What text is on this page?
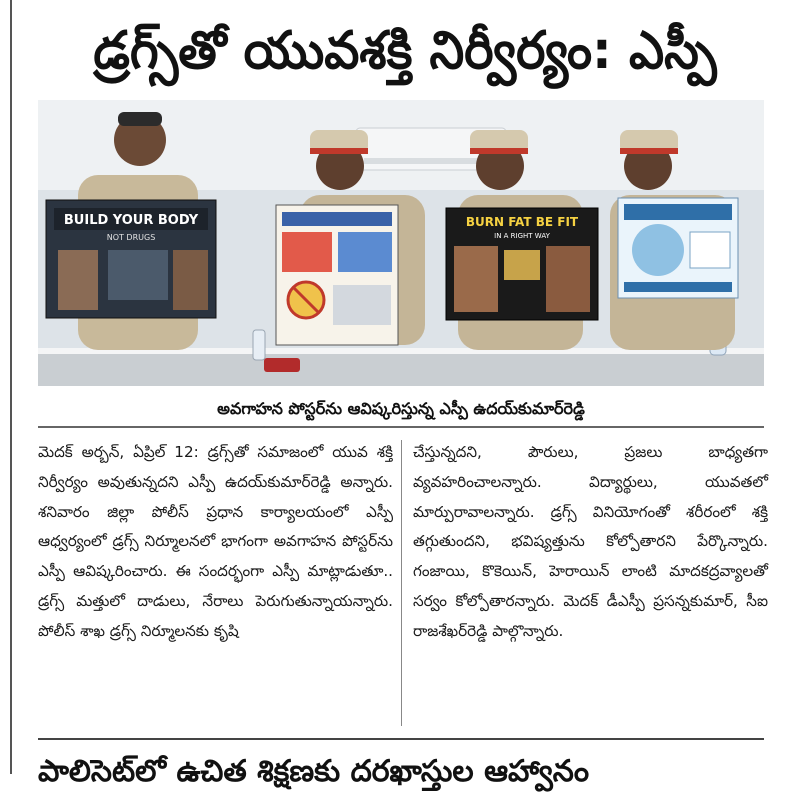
డ్రగ్స్‌తో యువశక్తి నిర్వీర్యం: ఎస్పీ
BUILD YOUR BODY
NOT DRUGS
BURN FAT BE FIT
IN A RIGHT WAY
అవగాహన పోస్టర్‌ను ఆవిష్కరిస్తున్న ఎస్పీ ఉదయ్‌కుమార్‌రెడ్డి

మెదక్ అర్బన్, ఏప్రిల్ 12: డ్రగ్స్‌తో సమాజంలో యువ శక్తి నిర్వీర్యం అవుతున్నదని ఎస్పీ ఉదయ్‌కుమార్‌రెడ్డి అన్నారు. శనివారం జిల్లా పోలీస్ ప్రధాన కార్యాలయంలో ఎస్పీ ఆధ్వర్యంలో డ్రగ్స్ నిర్మూలనలో భాగంగా అవగాహన పోస్టర్‌ను ఎస్పీ ఆవిష్కరించారు. ఈ సందర్భంగా ఎస్పీ మాట్లాడుతూ.. డ్రగ్స్ మత్తులో దాడులు, నేరాలు పెరుగుతున్నాయన్నారు. పోలీస్ శాఖ డ్రగ్స్ నిర్మూలనకు కృషి

చేస్తున్నదని, పౌరులు, ప్రజలు బాధ్యతగా వ్యవహరించాలన్నారు. విద్యార్థులు, యువతలో మార్పురావాలన్నారు. డ్రగ్స్ వినియోగంతో శరీరంలో శక్తి తగ్గుతుందని, భవిష్యత్తును కోల్పోతారని పేర్కొన్నారు. గంజాయి, కొకెయిన్, హెరాయిన్ లాంటి మాదకద్రవ్యాలతో సర్వం కోల్పోతారన్నారు. మెదక్ డీఎస్పీ ప్రసన్నకుమార్, సీఐ రాజశేఖర్‌రెడ్డి పాల్గొన్నారు.

పాలిసెట్‌లో ఉచిత శిక్షణకు దరఖాస్తుల ఆహ్వానం
